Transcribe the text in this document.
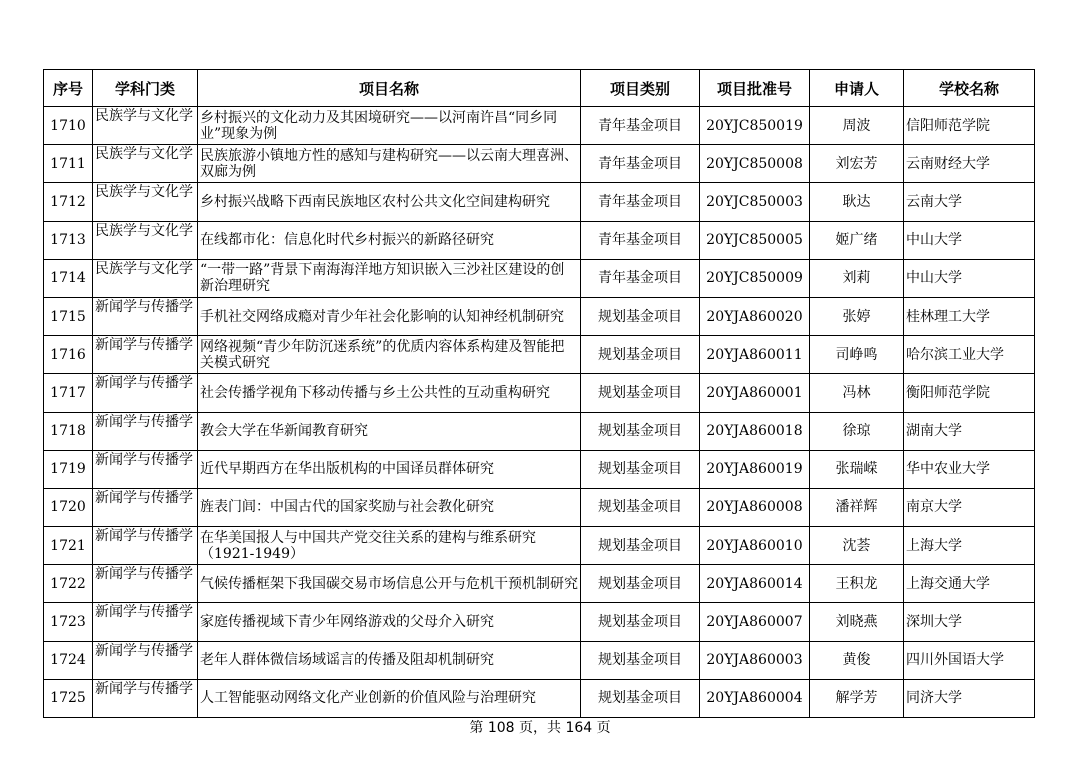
序号	学科门类	项目名称	项目类别	项目批准号	申请人	学校名称
1710	民族学与文化学	乡村振兴的文化动力及其困境研究——以河南许昌“同乡同业”现象为例	青年基金项目	20YJC850019	周波	信阳师范学院
1711	民族学与文化学	民族旅游小镇地方性的感知与建构研究——以云南大理喜洲、双廊为例	青年基金项目	20YJC850008	刘宏芳	云南财经大学
1712	民族学与文化学	乡村振兴战略下西南民族地区农村公共文化空间建构研究	青年基金项目	20YJC850003	耿达	云南大学
1713	民族学与文化学	在线都市化：信息化时代乡村振兴的新路径研究	青年基金项目	20YJC850005	姬广绪	中山大学
1714	民族学与文化学	“一带一路”背景下南海海洋地方知识嵌入三沙社区建设的创新治理研究	青年基金项目	20YJC850009	刘莉	中山大学
1715	新闻学与传播学	手机社交网络成瘾对青少年社会化影响的认知神经机制研究	规划基金项目	20YJA860020	张婷	桂林理工大学
1716	新闻学与传播学	网络视频“青少年防沉迷系统”的优质内容体系构建及智能把关模式研究	规划基金项目	20YJA860011	司峥鸣	哈尔滨工业大学
1717	新闻学与传播学	社会传播学视角下移动传播与乡土公共性的互动重构研究	规划基金项目	20YJA860001	冯林	衡阳师范学院
1718	新闻学与传播学	教会大学在华新闻教育研究	规划基金项目	20YJA860018	徐琼	湖南大学
1719	新闻学与传播学	近代早期西方在华出版机构的中国译员群体研究	规划基金项目	20YJA860019	张瑞嵘	华中农业大学
1720	新闻学与传播学	旌表门闾：中国古代的国家奖励与社会教化研究	规划基金项目	20YJA860008	潘祥辉	南京大学
1721	新闻学与传播学	在华美国报人与中国共产党交往关系的建构与维系研究（1921-1949）	规划基金项目	20YJA860010	沈荟	上海大学
1722	新闻学与传播学	气候传播框架下我国碳交易市场信息公开与危机干预机制研究	规划基金项目	20YJA860014	王积龙	上海交通大学
1723	新闻学与传播学	家庭传播视域下青少年网络游戏的父母介入研究	规划基金项目	20YJA860007	刘晓燕	深圳大学
1724	新闻学与传播学	老年人群体微信场域谣言的传播及阻却机制研究	规划基金项目	20YJA860003	黄俊	四川外国语大学
1725	新闻学与传播学	人工智能驱动网络文化产业创新的价值风险与治理研究	规划基金项目	20YJA860004	解学芳	同济大学
第 108 页，共 164 页
